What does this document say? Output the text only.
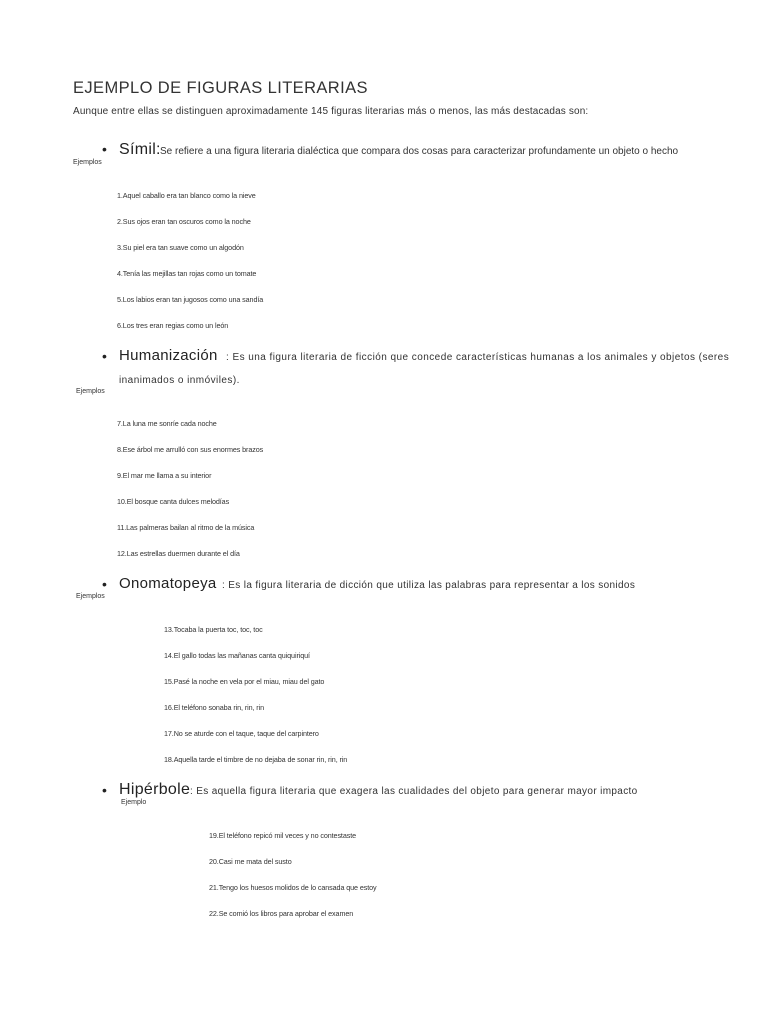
EJEMPLO DE FIGURAS LITERARIAS
Aunque entre ellas se distinguen aproximadamente 145 figuras literarias más o menos, las más destacadas son:
• Símil: Se refiere a una figura literaria dialéctica que compara dos cosas para caracterizar profundamente un objeto o hecho
Ejemplos
1.Aquel caballo era tan blanco como la nieve
2.Sus ojos eran tan oscuros como la noche
3.Su piel era tan suave como un algodón
4.Tenía las mejillas tan rojas como un tomate
5.Los labios eran tan jugosos como una sandía
6.Los tres eran regias como un león
• Humanización : Es una figura literaria de ficción que concede características humanas a los animales y objetos (seres
inanimados o inmóviles).
Ejemplos
7.La luna me sonríe cada noche
8.Ese árbol me arrulló con sus enormes brazos
9.El mar me llama a su interior
10.El bosque canta dulces melodías
11.Las palmeras bailan al ritmo de la música
12.Las estrellas duermen durante el día
• Onomatopeya : Es la figura literaria de dicción que utiliza las palabras para representar a los sonidos
Ejemplos
13.Tocaba la puerta toc, toc, toc
14.El gallo todas las mañanas canta quiquiriquí
15.Pasé la noche en vela por el miau, miau del gato
16.El teléfono sonaba rin, rin, rin
17.No se aturde con el taque, taque del carpintero
18.Aquella tarde el timbre de no dejaba de sonar rin, rin, rin
• Hipérbole : Es aquella figura literaria que exagera las cualidades del objeto para generar mayor impacto
Ejemplo
19.El teléfono repicó mil veces y no contestaste
20.Casi me mata del susto
21.Tengo los huesos molidos de lo cansada que estoy
22.Se comió los libros para aprobar el examen
